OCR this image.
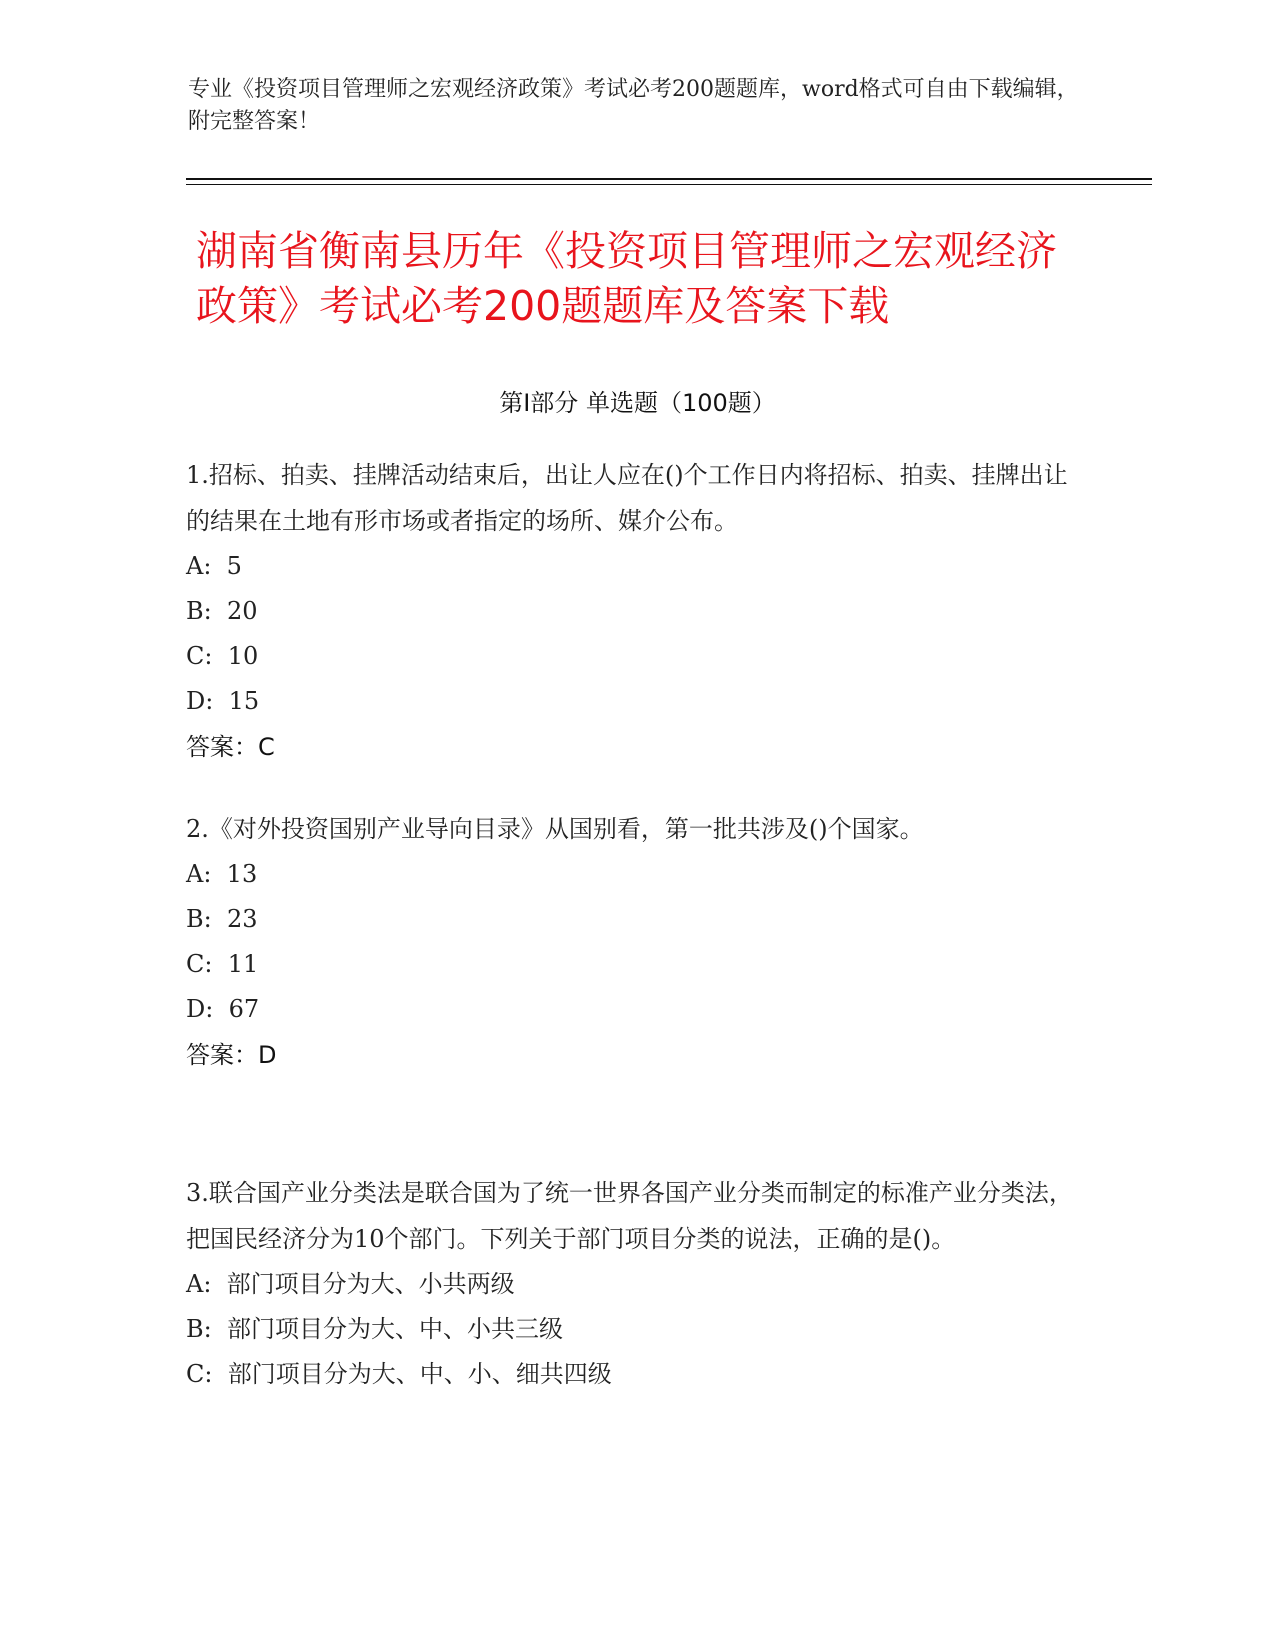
专业《投资项目管理师之宏观经济政策》考试必考200题题库，word格式可自由下载编辑，附完整答案！
湖南省衡南县历年《投资项目管理师之宏观经济政策》考试必考200题题库及答案下载
第Ⅰ部分 单选题（100题）
1.招标、拍卖、挂牌活动结束后，出让人应在()个工作日内将招标、拍卖、挂牌出让的结果在土地有形市场或者指定的场所、媒介公布。
A:  5
B:  20
C:  10
D:  15
答案：C
2.《对外投资国别产业导向目录》从国别看，第一批共涉及()个国家。
A:  13
B:  23
C:  11
D:  67
答案：D
3.联合国产业分类法是联合国为了统一世界各国产业分类而制定的标准产业分类法，把国民经济分为10个部门。下列关于部门项目分类的说法，正确的是()。
A:  部门项目分为大、小共两级
B:  部门项目分为大、中、小共三级
C:  部门项目分为大、中、小、细共四级
